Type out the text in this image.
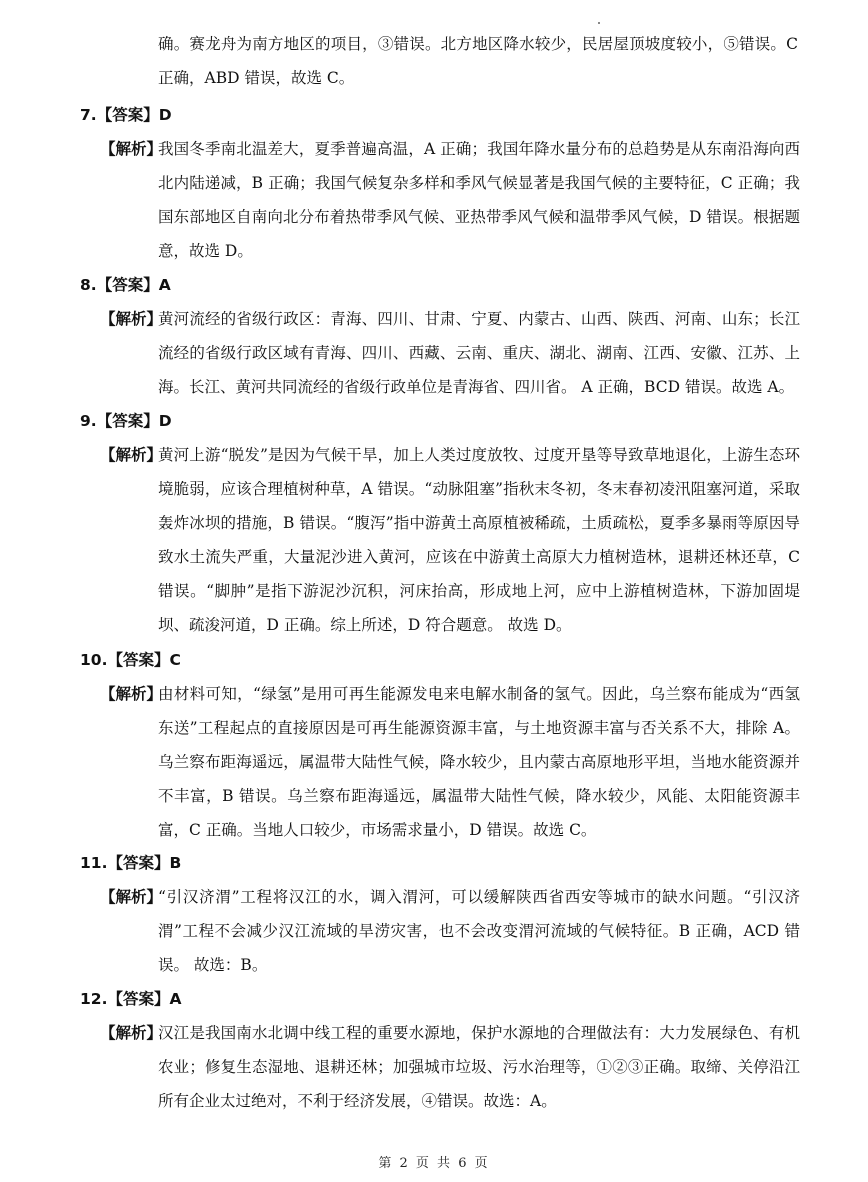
确。赛龙舟为南方地区的项目，③错误。北方地区降水较少，民居屋顶坡度较小，⑤错误。C正确，ABD 错误，故选 C。
7.【答案】D
【解析】
我国冬季南北温差大，夏季普遍高温，A 正确；我国年降水量分布的总趋势是从东南沿海向西北内陆递减，B 正确；我国气候复杂多样和季风气候显著是我国气候的主要特征，C 正确；我国东部地区自南向北分布着热带季风气候、亚热带季风气候和温带季风气候，D 错误。根据题意，故选 D。
8.【答案】A
【解析】
黄河流经的省级行政区：青海、四川、甘肃、宁夏、内蒙古、山西、陕西、河南、山东；长江流经的省级行政区域有青海、四川、西藏、云南、重庆、湖北、湖南、江西、安徽、江苏、上海。长江、黄河共同流经的省级行政单位是青海省、四川省。 A 正确，BCD 错误。故选 A。
9.【答案】D
【解析】
黄河上游“脱发”是因为气候干旱，加上人类过度放牧、过度开垦等导致草地退化，上游生态环境脆弱，应该合理植树种草，A 错误。“动脉阻塞”指秋末冬初，冬末春初凌汛阻塞河道，采取轰炸冰坝的措施，B 错误。“腹泻”指中游黄土高原植被稀疏，土质疏松，夏季多暴雨等原因导致水土流失严重，大量泥沙进入黄河，应该在中游黄土高原大力植树造林，退耕还林还草，C 错误。“脚肿”是指下游泥沙沉积，河床抬高，形成地上河，应中上游植树造林，下游加固堤坝、疏浚河道，D 正确。综上所述，D 符合题意。 故选 D。
10.【答案】C
【解析】
由材料可知，“绿氢”是用可再生能源发电来电解水制备的氢气。因此，乌兰察布能成为“西氢东送”工程起点的直接原因是可再生能源资源丰富，与土地资源丰富与否关系不大，排除 A。乌兰察布距海遥远，属温带大陆性气候，降水较少，且内蒙古高原地形平坦，当地水能资源并不丰富，B 错误。乌兰察布距海遥远，属温带大陆性气候，降水较少，风能、太阳能资源丰富，C 正确。当地人口较少，市场需求量小，D 错误。故选 C。
11.【答案】B
【解析】
“引汉济渭”工程将汉江的水，调入渭河，可以缓解陕西省西安等城市的缺水问题。“引汉济渭”工程不会减少汉江流域的旱涝灾害，也不会改变渭河流域的气候特征。B 正确，ACD 错误。 故选：B。
12.【答案】A
【解析】
汉江是我国南水北调中线工程的重要水源地，保护水源地的合理做法有：大力发展绿色、有机农业；修复生态湿地、退耕还林；加强城市垃圾、污水治理等，①②③正确。取缔、关停沿江所有企业太过绝对，不利于经济发展，④错误。故选：A。
第 2 页 共 6 页
